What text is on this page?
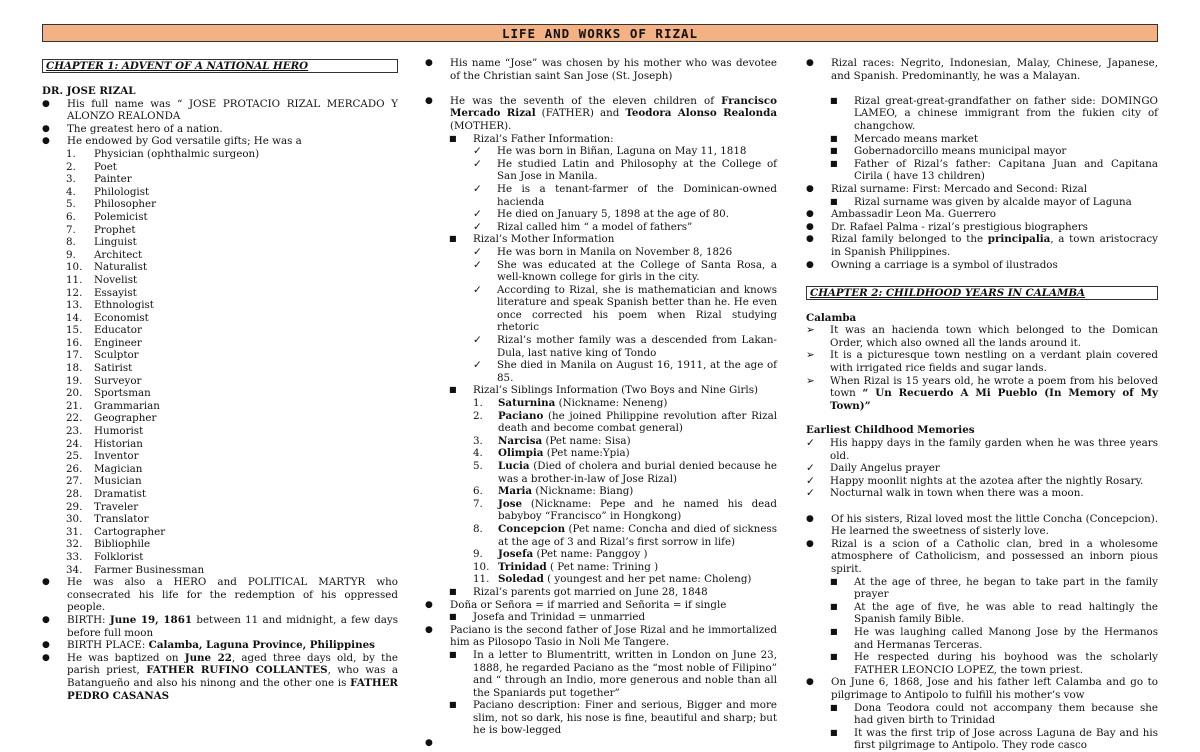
LIFE AND WORKS OF RIZAL
CHAPTER 1: ADVENT OF A NATIONAL HERO
DR. JOSE RIZAL
●	His full name was “ JOSE PROTACIO RIZAL MERCADO Y ALONZO REALONDA
●	The greatest hero of a nation.
●	He endowed by God versatile gifts; He was a
1.	Physician (ophthalmic surgeon)
2.	Poet
3.	Painter
4.	Philologist
5.	Philosopher
6.	Polemicist
7.	Prophet
8.	Linguist
9.	Architect
10.	Naturalist
11.	Novelist
12.	Essayist
13.	Ethnologist
14.	Economist
15.	Educator
16.	Engineer
17.	Sculptor
18.	Satirist
19.	Surveyor
20.	Sportsman
21.	Grammarian
22.	Geographer
23.	Humorist
24.	Historian
25.	Inventor
26.	Magician
27.	Musician
28.	Dramatist
29.	Traveler
30.	Translator
31.	Cartographer
32.	Bibliophile
33.	Folklorist
34.	Farmer Businessman
●	He was also a HERO and POLITICAL MARTYR who consecrated his life for the redemption of his oppressed people.
●	BIRTH: June 19, 1861 between 11 and midnight, a few days before full moon
●	BIRTH PLACE: Calamba, Laguna Province, Philippines
●	He was baptized on June 22, aged three days old, by the parish priest, FATHER RUFINO COLLANTES, who was a Batangueño and also his ninong and the other one is FATHER PEDRO CASANAS
●	His name “Jose” was chosen by his mother who was devotee of the Christian saint San Jose (St. Joseph)
●	He was the seventh of the eleven children of Francisco Mercado Rizal (FATHER) and Teodora Alonso Realonda (MOTHER).
■	Rizal’s Father Information:
✓	He was born in Biñan, Laguna on May 11, 1818
✓	He studied Latin and Philosophy at the College of San Jose in Manila.
✓	He is a tenant-farmer of the Dominican-owned hacienda
✓	He died on January 5, 1898 at the age of 80.
✓	Rizal called him “ a model of fathers”
■	Rizal’s Mother Information
✓	He was born in Manila on November 8, 1826
✓	She was educated at the College of Santa Rosa, a well-known college for girls in the city.
✓	According to Rizal, she is mathematician and knows literature and speak Spanish better than he. He even once corrected his poem when Rizal studying rhetoric
✓	Rizal’s mother family was a descended from Lakan-Dula, last native king of Tondo
✓	She died in Manila on August 16, 1911, at the age of 85.
■	Rizal’s Siblings Information (Two Boys and Nine Girls)
1.	Saturnina (Nickname: Neneng)
2.	Paciano (he joined Philippine revolution after Rizal death and become combat general)
3.	Narcisa (Pet name: Sisa)
4.	Olimpia (Pet name:Ypia)
5.	Lucia (Died of cholera and burial denied because he was a brother-in-law of Jose Rizal)
6.	Maria (Nickname: Biang)
7.	Jose (Nickname: Pepe and he named his dead babyboy “Francisco” in Hongkong)
8.	Concepcion (Pet name: Concha and died of sickness at the age of 3 and Rizal’s first sorrow in life)
9.	Josefa (Pet name: Panggoy )
10. Trinidad ( Pet name: Trining )
11. Soledad ( youngest and her pet name: Choleng)
■	Rizal’s parents got married on June 28, 1848
●	Doña or Señora = if married and Señorita = if single
■	Josefa and Trinidad = unmarried
●	Paciano is the second father of Jose Rizal and he immortalized him as Pilosopo Tasio in Noli Me Tangere.
■	In a letter to Blumentritt, written in London on June 23, 1888, he regarded Paciano as the “most noble of Filipino” and “ through an Indio, more generous and noble than all the Spaniards put together”
■	Paciano description: Finer and serious, Bigger and more slim, not so dark, his nose is fine, beautiful and sharp; but he is bow-legged
●
●	Rizal races: Negrito, Indonesian, Malay, Chinese, Japanese, and Spanish. Predominantly, he was a Malayan.
■	Rizal great-great-grandfather on father side: DOMINGO LAMEO, a chinese immigrant from the fukien city of changchow.
■	Mercado means market
■	Gobernadorcillo means municipal mayor
■	Father of Rizal’s father: Capitana Juan and Capitana Cirila ( have 13 children)
●	Rizal surname: First: Mercado and Second: Rizal
■	Rizal surname was given by alcalde mayor of Laguna
●	Ambassadir Leon Ma. Guerrero
●	Dr. Rafael Palma - rizal’s prestigious biographers
●	Rizal family belonged to the principalia, a town aristocracy in Spanish Philippines.
●	Owning a carriage is a symbol of ilustrados
CHAPTER 2: CHILDHOOD YEARS IN CALAMBA
Calamba
➢	It was an hacienda town which belonged to the Domican Order, which also owned all the lands around it.
➢	It is a picturesque town nestling on a verdant plain covered with irrigated rice fields and sugar lands.
➢	When Rizal is 15 years old, he wrote a poem from his beloved town “ Un Recuerdo A Mi Pueblo (In Memory of My Town)”
Earliest Childhood Memories
✓	His happy days in the family garden when he was three years old.
✓	Daily Angelus prayer
✓	Happy moonlit nights at the azotea after the nightly Rosary.
✓	Nocturnal walk in town when there was a moon.
●	Of his sisters, Rizal loved most the little Concha (Concepcion). He learned the sweetness of sisterly love.
●	Rizal is a scion of a Catholic clan, bred in a wholesome atmosphere of Catholicism, and possessed an inborn pious spirit.
■	At the age of three, he began to take part in the family prayer
■	At the age of five, he was able to read haltingly the Spanish family Bible.
■	He was laughing called Manong Jose by the Hermanos and Hermanas Terceras.
■	He respected during his boyhood was the scholarly FATHER LEONCIO LOPEZ, the town priest.
●	On June 6, 1868, Jose and his father left Calamba and go to pilgrimage to Antipolo to fulfill his mother’s vow
■	Dona Teodora could not accompany them because she had given birth to Trinidad
■	It was the first trip of Jose across Laguna de Bay and his first pilgrimage to Antipolo. They rode casco
